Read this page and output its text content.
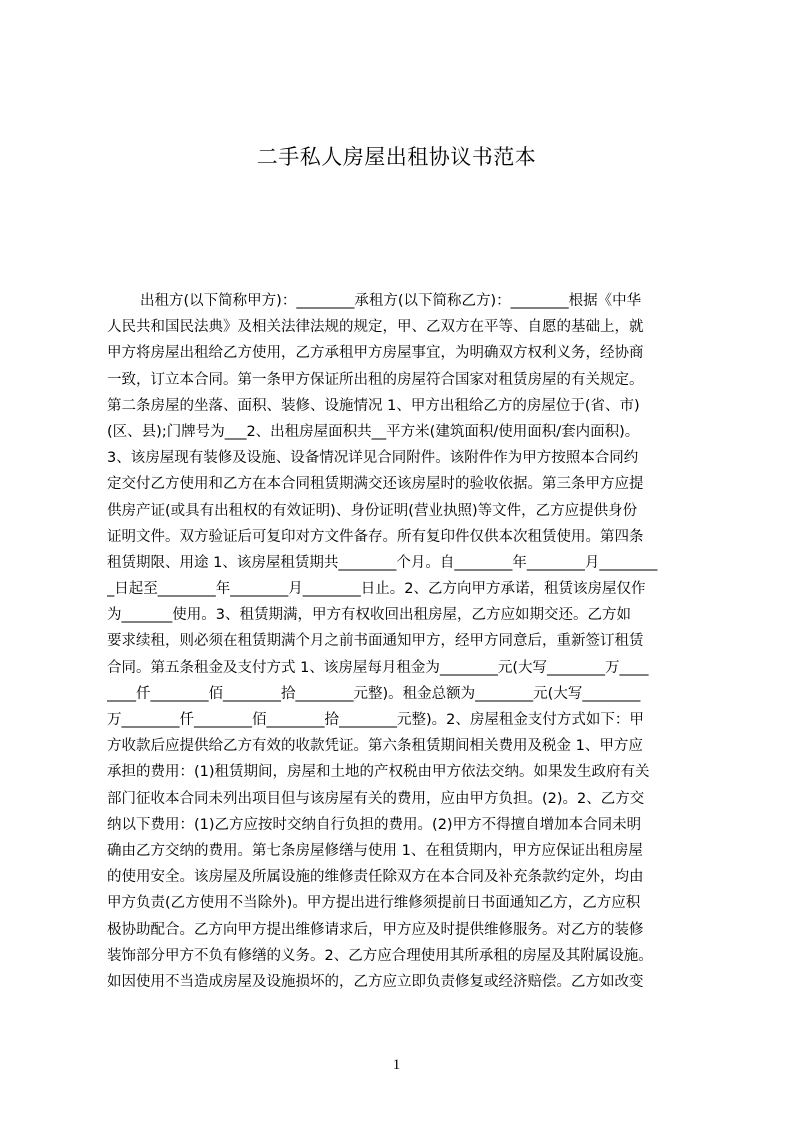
二手私人房屋出租协议书范本
出租方(以下简称甲方)：________承租方(以下简称乙方)：________根据《中华
人民共和国民法典》及相关法律法规的规定，甲、乙双方在平等、自愿的基础上，就
甲方将房屋出租给乙方使用，乙方承租甲方房屋事宜，为明确双方权利义务，经协商
一致，订立本合同。第一条甲方保证所出租的房屋符合国家对租赁房屋的有关规定。
第二条房屋的坐落、面积、装修、设施情况 1、甲方出租给乙方的房屋位于(省、市)
(区、县);门牌号为___2、出租房屋面积共__平方米(建筑面积/使用面积/套内面积)。
3、该房屋现有装修及设施、设备情况详见合同附件。该附件作为甲方按照本合同约
定交付乙方使用和乙方在本合同租赁期满交还该房屋时的验收依据。第三条甲方应提
供房产证(或具有出租权的有效证明)、身份证明(营业执照)等文件，乙方应提供身份
证明文件。双方验证后可复印对方文件备存。所有复印件仅供本次租赁使用。第四条
租赁期限、用途 1、该房屋租赁期共________个月。自________年________月________
_日起至________年________月________日止。2、乙方向甲方承诺，租赁该房屋仅作
为_______使用。3、租赁期满，甲方有权收回出租房屋，乙方应如期交还。乙方如
要求续租，则必须在租赁期满个月之前书面通知甲方，经甲方同意后，重新签订租赁
合同。第五条租金及支付方式 1、该房屋每月租金为________元(大写________万____
____仟________佰________拾________元整)。租金总额为________元(大写________
万________仟________佰________拾________元整)。2、房屋租金支付方式如下：甲
方收款后应提供给乙方有效的收款凭证。第六条租赁期间相关费用及税金 1、甲方应
承担的费用：(1)租赁期间，房屋和土地的产权税由甲方依法交纳。如果发生政府有关
部门征收本合同未列出项目但与该房屋有关的费用，应由甲方负担。(2)。2、乙方交
纳以下费用：(1)乙方应按时交纳自行负担的费用。(2)甲方不得擅自增加本合同未明
确由乙方交纳的费用。第七条房屋修缮与使用 1、在租赁期内，甲方应保证出租房屋
的使用安全。该房屋及所属设施的维修责任除双方在本合同及补充条款约定外，均由
甲方负责(乙方使用不当除外)。甲方提出进行维修须提前日书面通知乙方，乙方应积
极协助配合。乙方向甲方提出维修请求后，甲方应及时提供维修服务。对乙方的装修
装饰部分甲方不负有修缮的义务。2、乙方应合理使用其所承租的房屋及其附属设施。
如因使用不当造成房屋及设施损坏的，乙方应立即负责修复或经济赔偿。乙方如改变
1
